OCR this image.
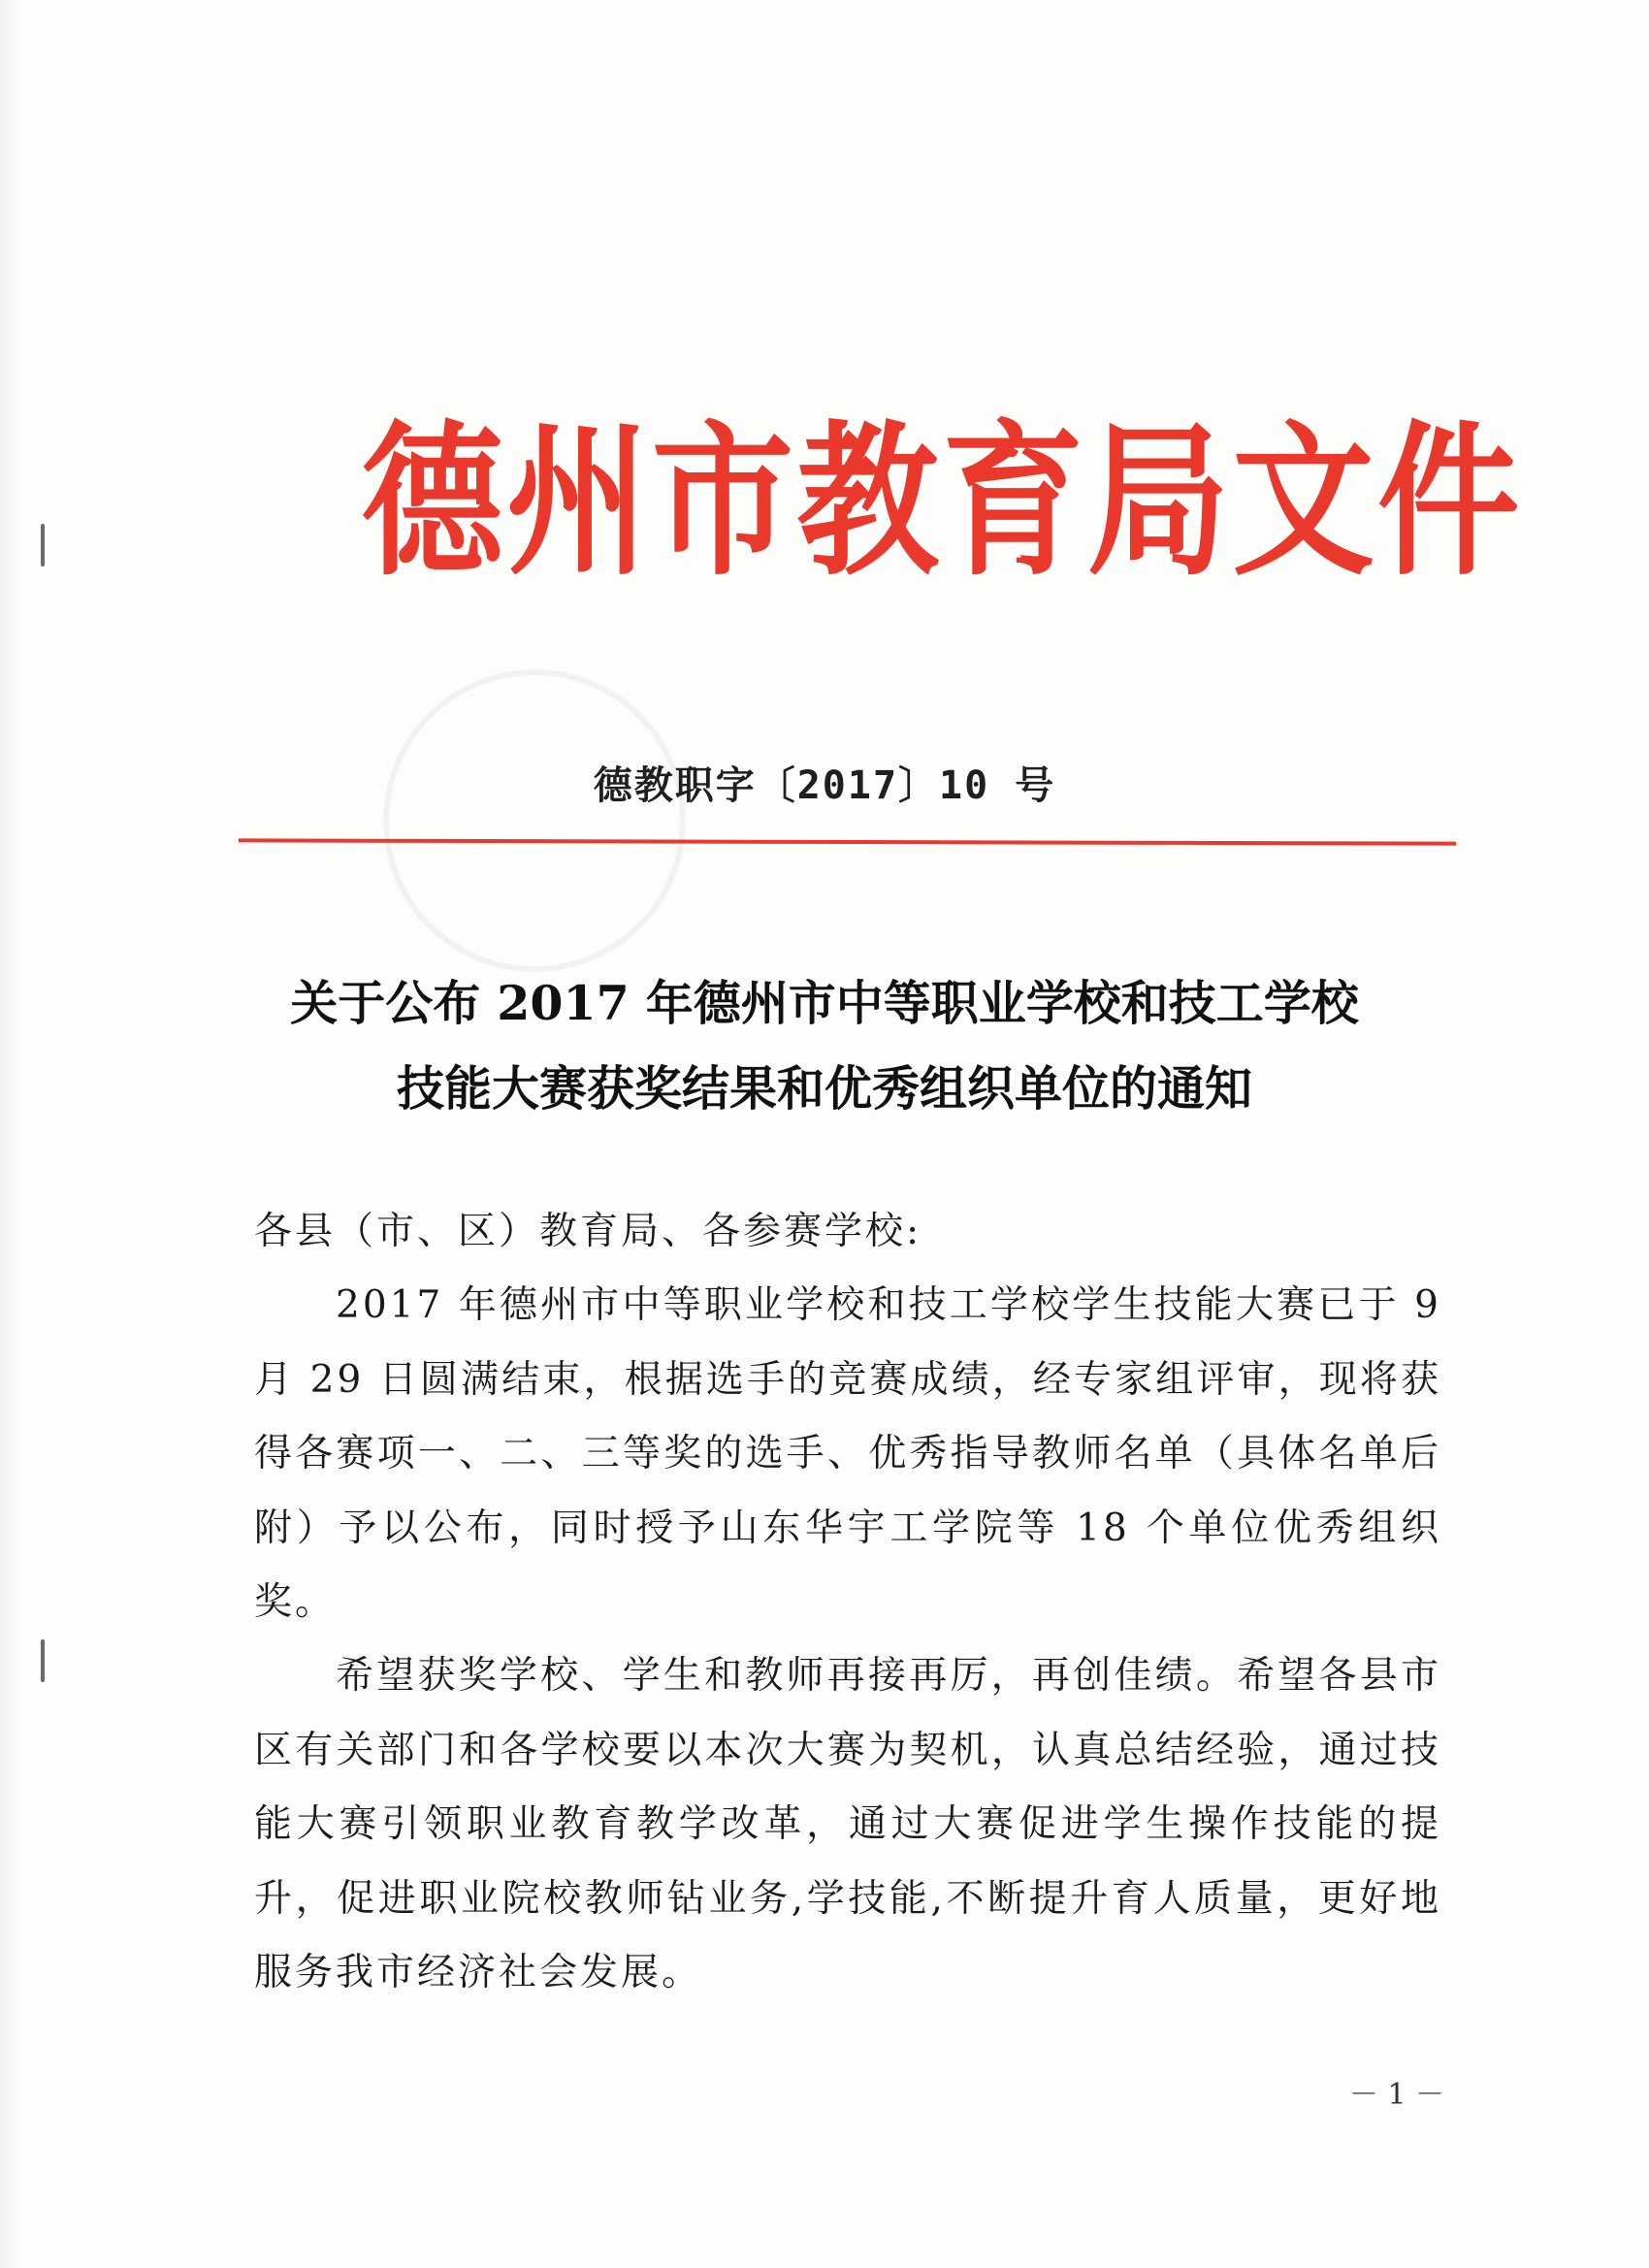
德州市教育局文件
德教职字〔2017〕10 号
关于公布 2017 年德州市中等职业学校和技工学校
技能大赛获奖结果和优秀组织单位的通知
各县（市、区）教育局、各参赛学校:
2017 年德州市中等职业学校和技工学校学生技能大赛已于 9 月 29 日圆满结束，根据选手的竞赛成绩，经专家组评审，现将获得各赛项一、二、三等奖的选手、优秀指导教师名单（具体名单后附）予以公布，同时授予山东华宇工学院等 18 个单位优秀组织奖。
希望获奖学校、学生和教师再接再厉，再创佳绩。希望各县市区有关部门和各学校要以本次大赛为契机，认真总结经验，通过技能大赛引领职业教育教学改革，通过大赛促进学生操作技能的提升，促进职业院校教师钻业务,学技能,不断提升育人质量，更好地服务我市经济社会发展。
－ 1 －
